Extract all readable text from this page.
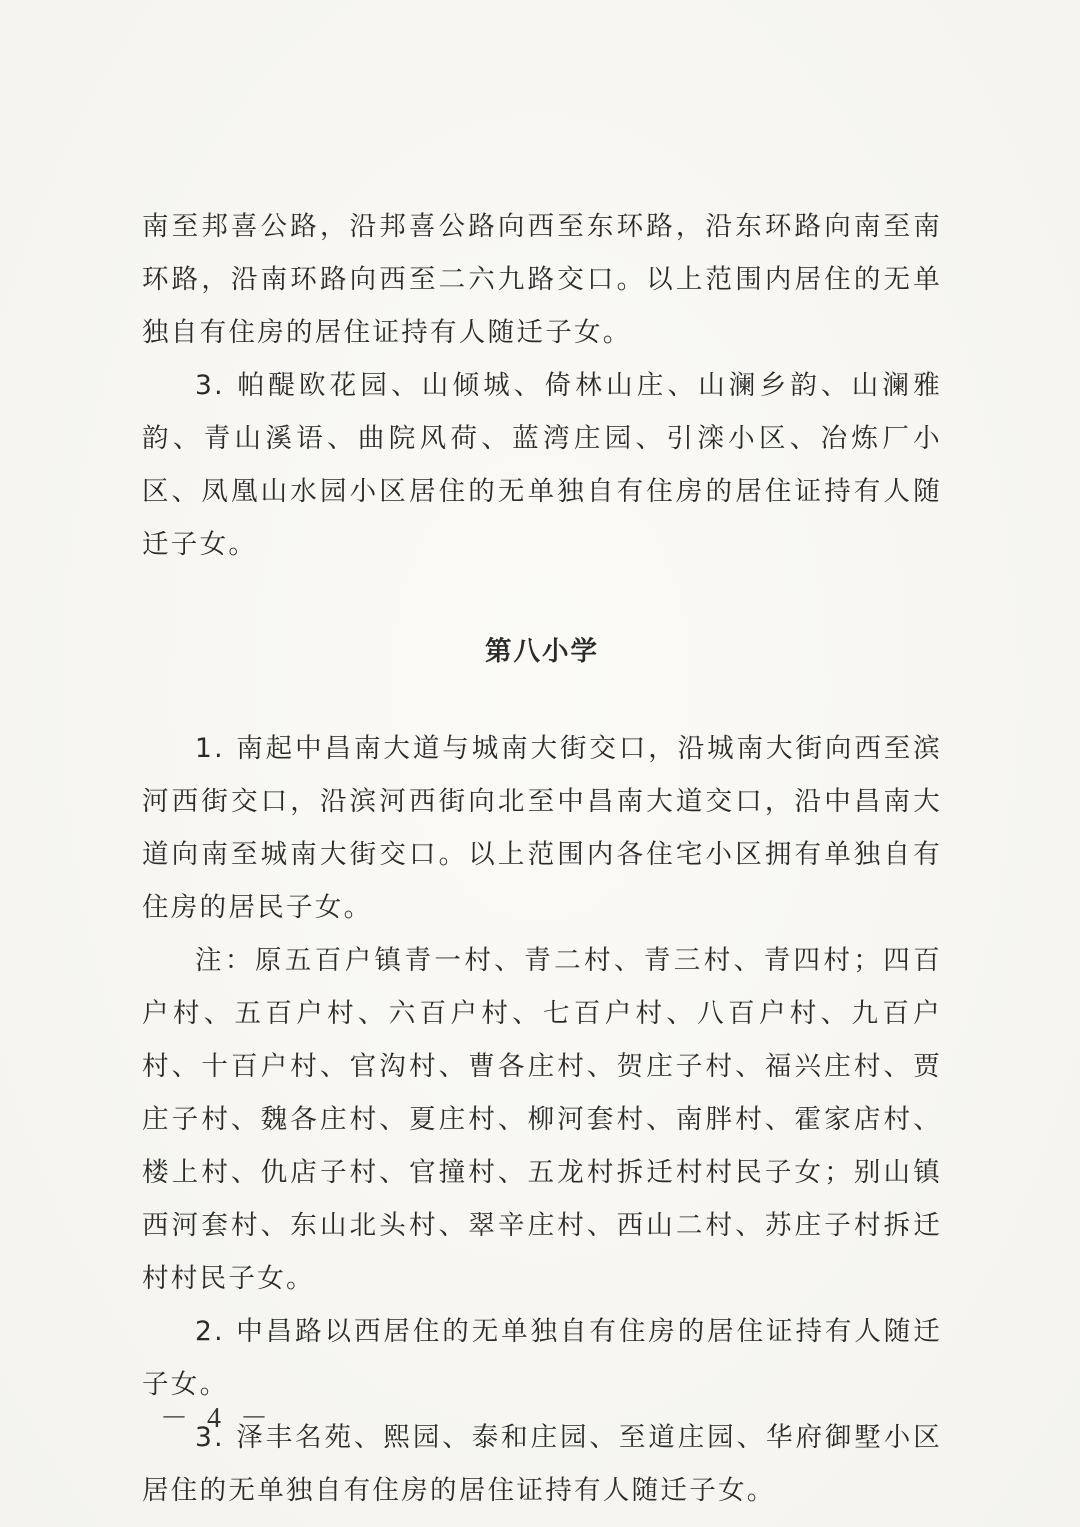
南至邦喜公路，沿邦喜公路向西至东环路，沿东环路向南至南环路，沿南环路向西至二六九路交口。以上范围内居住的无单独自有住房的居住证持有人随迁子女。

3. 帕醍欧花园、山倾城、倚林山庄、山澜乡韵、山澜雅韵、青山溪语、曲院风荷、蓝湾庄园、引滦小区、冶炼厂小区、凤凰山水园小区居住的无单独自有住房的居住证持有人随迁子女。

第八小学

1. 南起中昌南大道与城南大街交口，沿城南大街向西至滨河西街交口，沿滨河西街向北至中昌南大道交口，沿中昌南大道向南至城南大街交口。以上范围内各住宅小区拥有单独自有住房的居民子女。

注：原五百户镇青一村、青二村、青三村、青四村；四百户村、五百户村、六百户村、七百户村、八百户村、九百户村、十百户村、官沟村、曹各庄村、贺庄子村、福兴庄村、贾庄子村、魏各庄村、夏庄村、柳河套村、南胖村、霍家店村、楼上村、仇店子村、官撞村、五龙村拆迁村村民子女；别山镇西河套村、东山北头村、翠辛庄村、西山二村、苏庄子村拆迁村村民子女。

2. 中昌路以西居住的无单独自有住房的居住证持有人随迁子女。

3. 泽丰名苑、熙园、泰和庄园、至道庄园、华府御墅小区居住的无单独自有住房的居住证持有人随迁子女。

－ 4 －
